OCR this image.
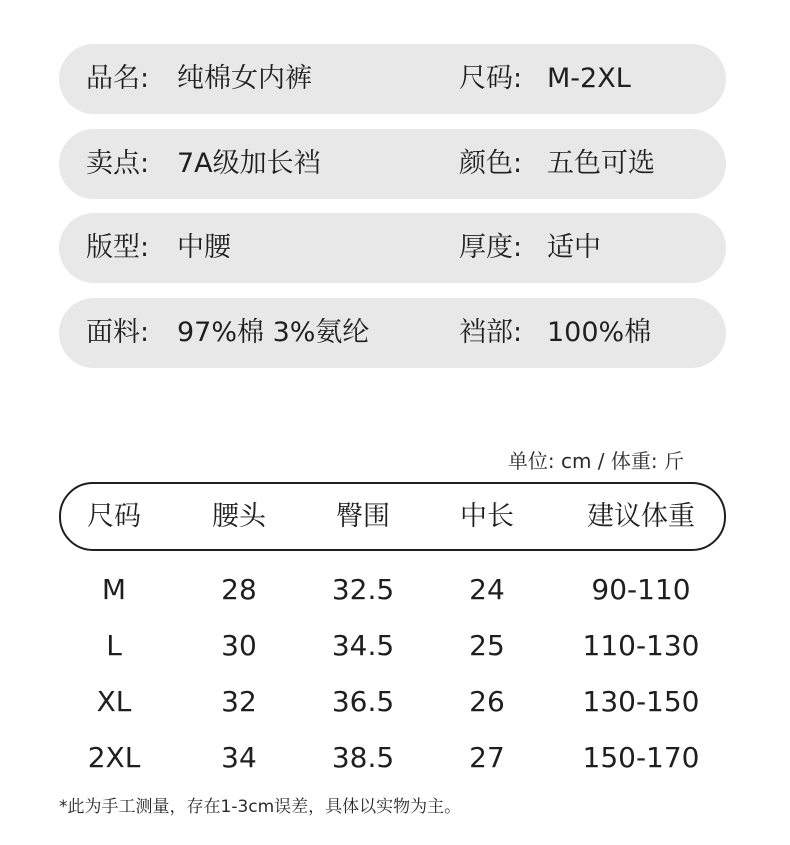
品名: 纯棉女内裤	尺码: M-2XL
卖点: 7A级加长裆	颜色: 五色可选
版型: 中腰	厚度: 适中
面料: 97%棉 3%氨纶	裆部: 100%棉
单位: cm / 体重: 斤
尺码	腰头	臀围	中长	建议体重
M	28	32.5	24	90-110
L	30	34.5	25	110-130
XL	32	36.5	26	130-150
2XL	34	38.5	27	150-170
*此为手工测量，存在1-3cm误差，具体以实物为主。
